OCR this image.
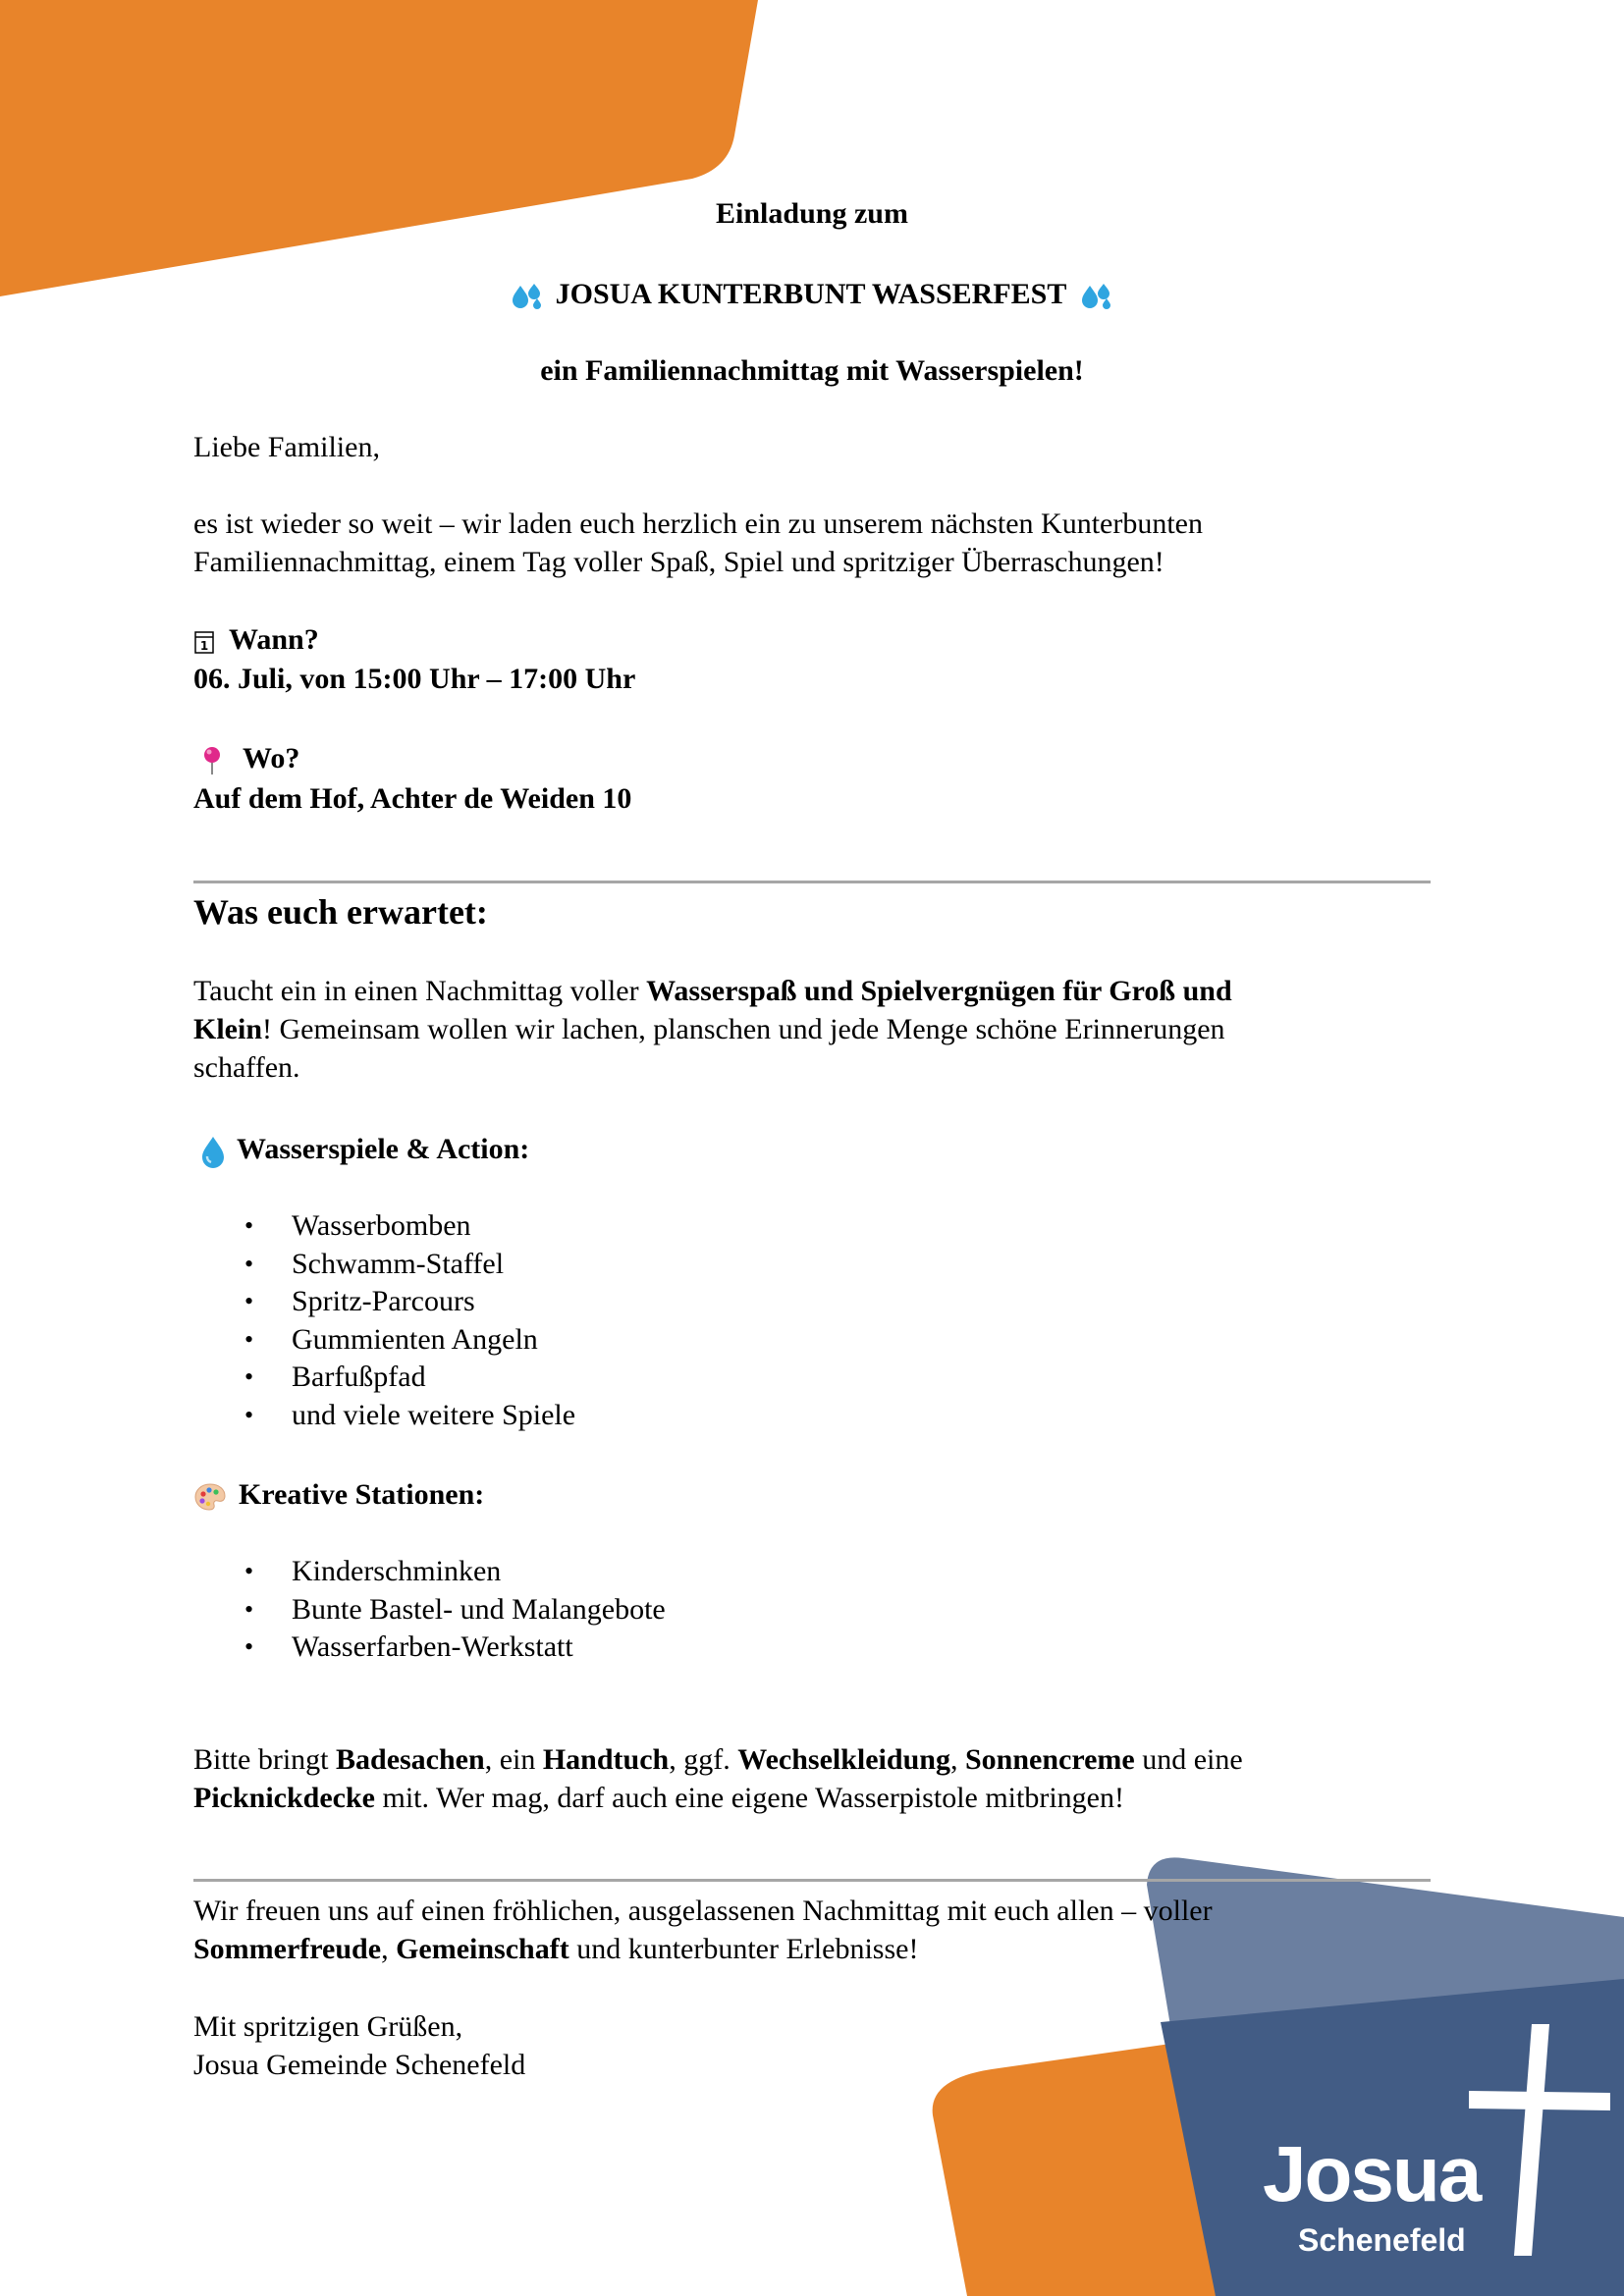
Josua
Schenefeld
Einladung zum
JOSUA KUNTERBUNT WASSERFEST
ein Familiennachmittag mit Wasserspielen!
Liebe Familien,
es ist wieder so weit – wir laden euch herzlich ein zu unserem nächsten Kunterbunten
Familiennachmittag, einem Tag voller Spaß, Spiel und spritziger Überraschungen!
1 Wann?
06. Juli, von 15:00 Uhr – 17:00 Uhr
Wo?
Auf dem Hof, Achter de Weiden 10
Was euch erwartet:
Taucht ein in einen Nachmittag voller Wasserspaß und Spielvergnügen für Groß und
Klein! Gemeinsam wollen wir lachen, planschen und jede Menge schöne Erinnerungen
schaffen.
Wasserspiele & Action:
• Wasserbomben
• Schwamm-Staffel
• Spritz-Parcours
• Gummienten Angeln
• Barfußpfad
• und viele weitere Spiele
Kreative Stationen:
• Kinderschminken
• Bunte Bastel- und Malangebote
• Wasserfarben-Werkstatt
Bitte bringt Badesachen, ein Handtuch, ggf. Wechselkleidung, Sonnencreme und eine
Picknickdecke mit. Wer mag, darf auch eine eigene Wasserpistole mitbringen!
Wir freuen uns auf einen fröhlichen, ausgelassenen Nachmittag mit euch allen – voller
Sommerfreude, Gemeinschaft und kunterbunter Erlebnisse!
Mit spritzigen Grüßen,
Josua Gemeinde Schenefeld
